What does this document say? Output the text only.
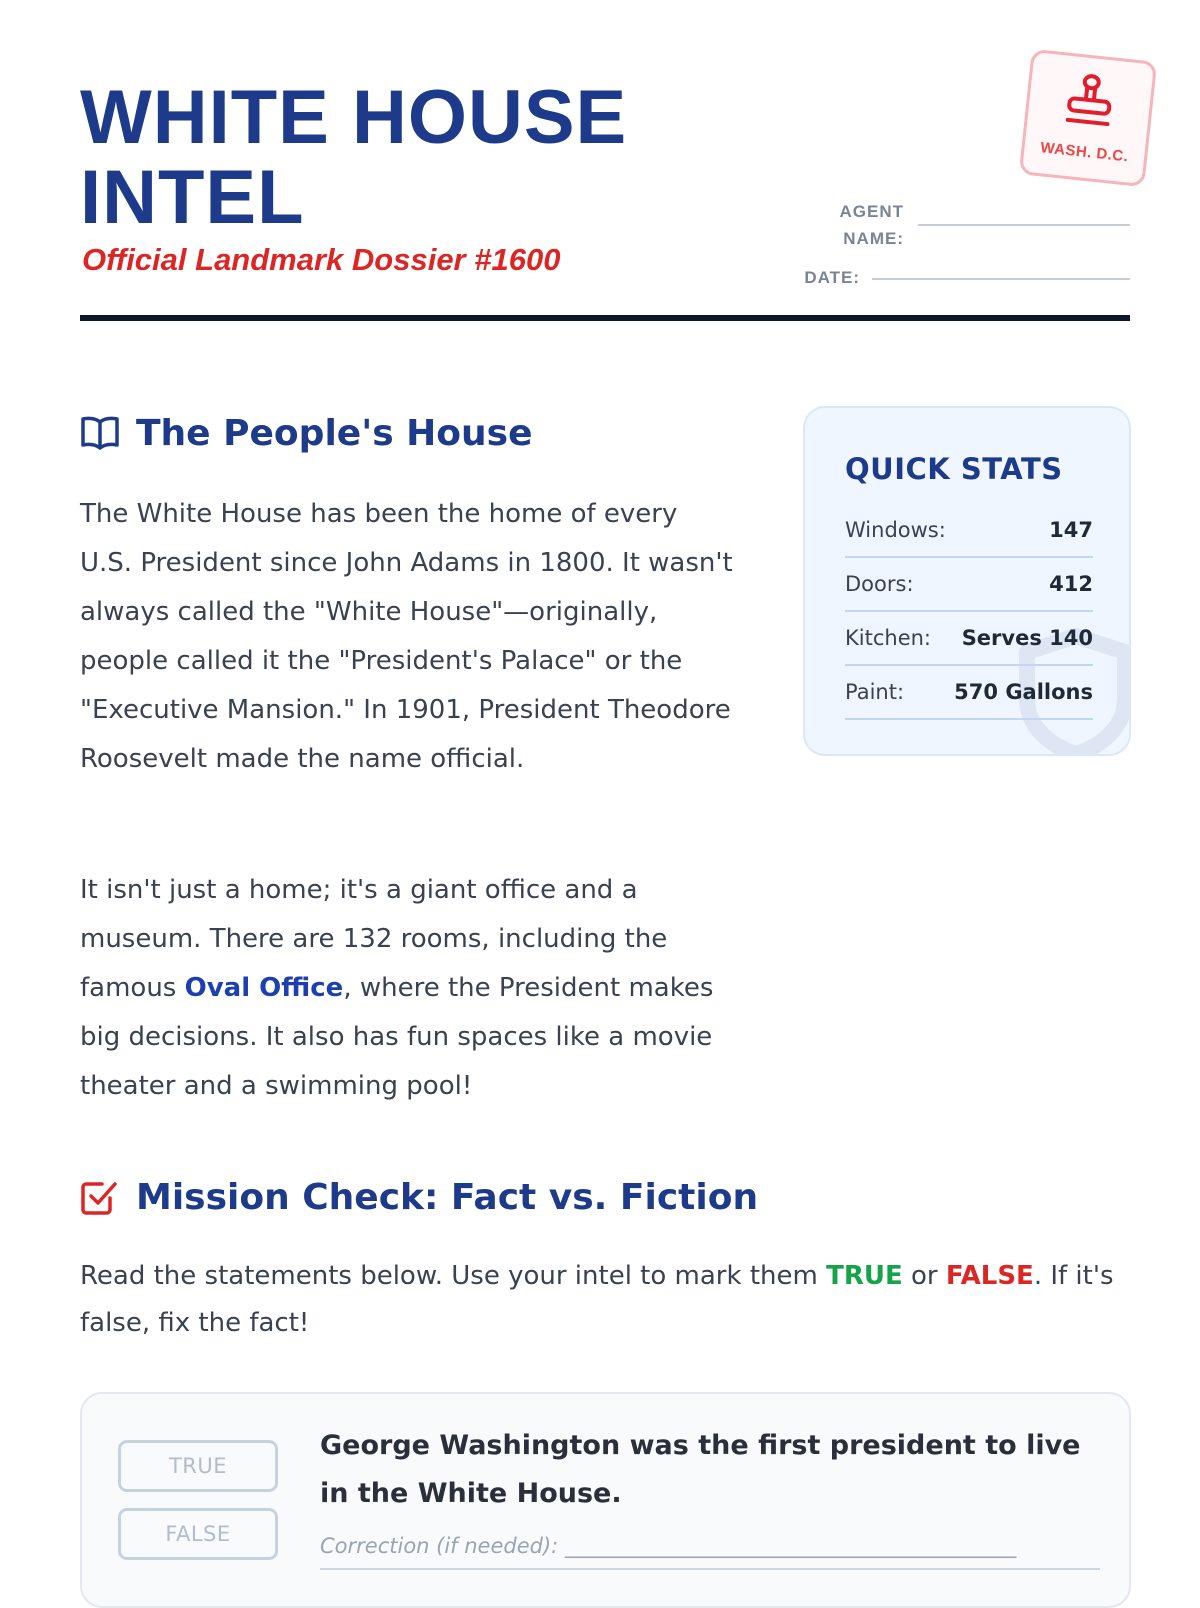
WHITE HOUSE
INTEL
Official Landmark Dossier #1600
WASH. D.C.
AGENT
NAME:
DATE:
The People's House

The White House has been the home of every U.S. President since John Adams in 1800. It wasn't always called the "White House"—originally, people called it the "President's Palace" or the "Executive Mansion." In 1901, President Theodore Roosevelt made the name official.

It isn't just a home; it's a giant office and a museum. There are 132 rooms, including the famous Oval Office, where the President makes big decisions. It also has fun spaces like a movie theater and a swimming pool!

QUICK STATS
Windows:	147
Doors:	412
Kitchen: Serves 140
Paint: 570 Gallons
Mission Check: Fact vs. Fiction

Read the statements below. Use your intel to mark them TRUE or FALSE. If it's false, fix the fact!

TRUE
FALSE

George Washington was the first president to live in the White House.

Correction (if needed): ___________________________________________
